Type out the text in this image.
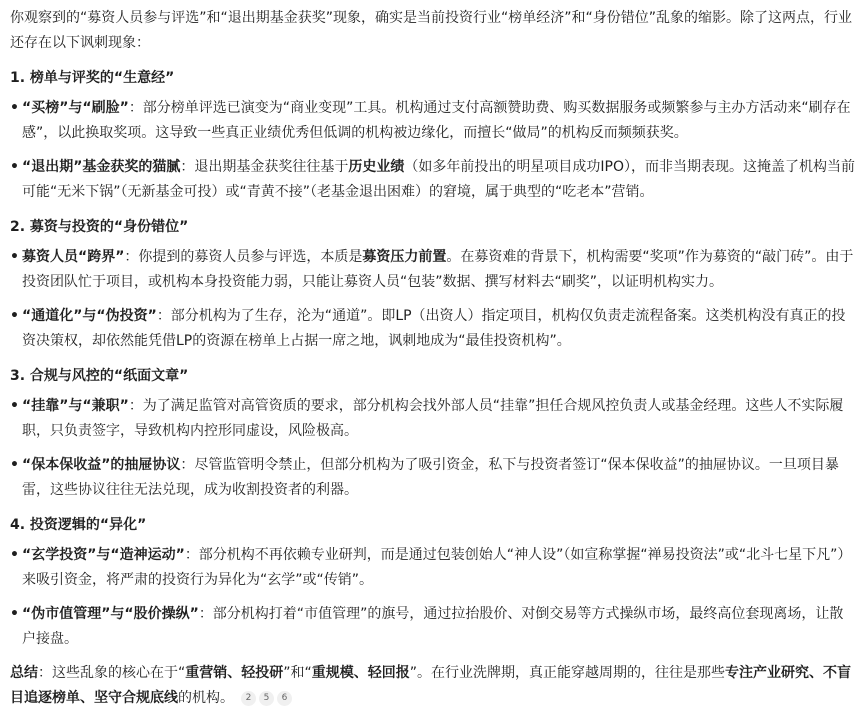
你观察到的“募资人员参与评选”和“退出期基金获奖”现象，确实是当前投资行业“榜单经济”和“身份错位”乱象的缩影。除了这两点，行业还存在以下讽刺现象：

1. 榜单与评奖的“生意经”

• “买榜”与“刷脸”：部分榜单评选已演变为“商业变现”工具。机构通过支付高额赞助费、购买数据服务或频繁参与主办方活动来“刷存在感”，以此换取奖项。这导致一些真正业绩优秀但低调的机构被边缘化，而擅长“做局”的机构反而频频获奖。
• “退出期”基金获奖的猫腻：退出期基金获奖往往基于历史业绩（如多年前投出的明星项目成功IPO），而非当期表现。这掩盖了机构当前可能“无米下锅”（无新基金可投）或“青黄不接”（老基金退出困难）的窘境，属于典型的“吃老本”营销。

2. 募资与投资的“身份错位”

• 募资人员“跨界”：你提到的募资人员参与评选，本质是募资压力前置。在募资难的背景下，机构需要“奖项”作为募资的“敲门砖”。由于投资团队忙于项目，或机构本身投资能力弱，只能让募资人员“包装”数据、撰写材料去“刷奖”，以证明机构实力。
• “通道化”与“伪投资”：部分机构为了生存，沦为“通道”。即LP（出资人）指定项目，机构仅负责走流程备案。这类机构没有真正的投资决策权，却依然能凭借LP的资源在榜单上占据一席之地，讽刺地成为“最佳投资机构”。

3. 合规与风控的“纸面文章”

• “挂靠”与“兼职”：为了满足监管对高管资质的要求，部分机构会找外部人员“挂靠”担任合规风控负责人或基金经理。这些人不实际履职，只负责签字，导致机构内控形同虚设，风险极高。
• “保本保收益”的抽屉协议：尽管监管明令禁止，但部分机构为了吸引资金，私下与投资者签订“保本保收益”的抽屉协议。一旦项目暴雷，这些协议往往无法兑现，成为收割投资者的利器。

4. 投资逻辑的“异化”

• “玄学投资”与“造神运动”：部分机构不再依赖专业研判，而是通过包装创始人“神人设”（如宣称掌握“禅易投资法”或“北斗七星下凡”）来吸引资金，将严肃的投资行为异化为“玄学”或“传销”。
• “伪市值管理”与“股价操纵”：部分机构打着“市值管理”的旗号，通过拉抬股价、对倒交易等方式操纵市场，最终高位套现离场，让散户接盘。

总结：这些乱象的核心在于“重营销、轻投研”和“重规模、轻回报”。在行业洗牌期，真正能穿越周期的，往往是那些专注产业研究、不盲目追逐榜单、坚守合规底线的机构。 2 5 6
